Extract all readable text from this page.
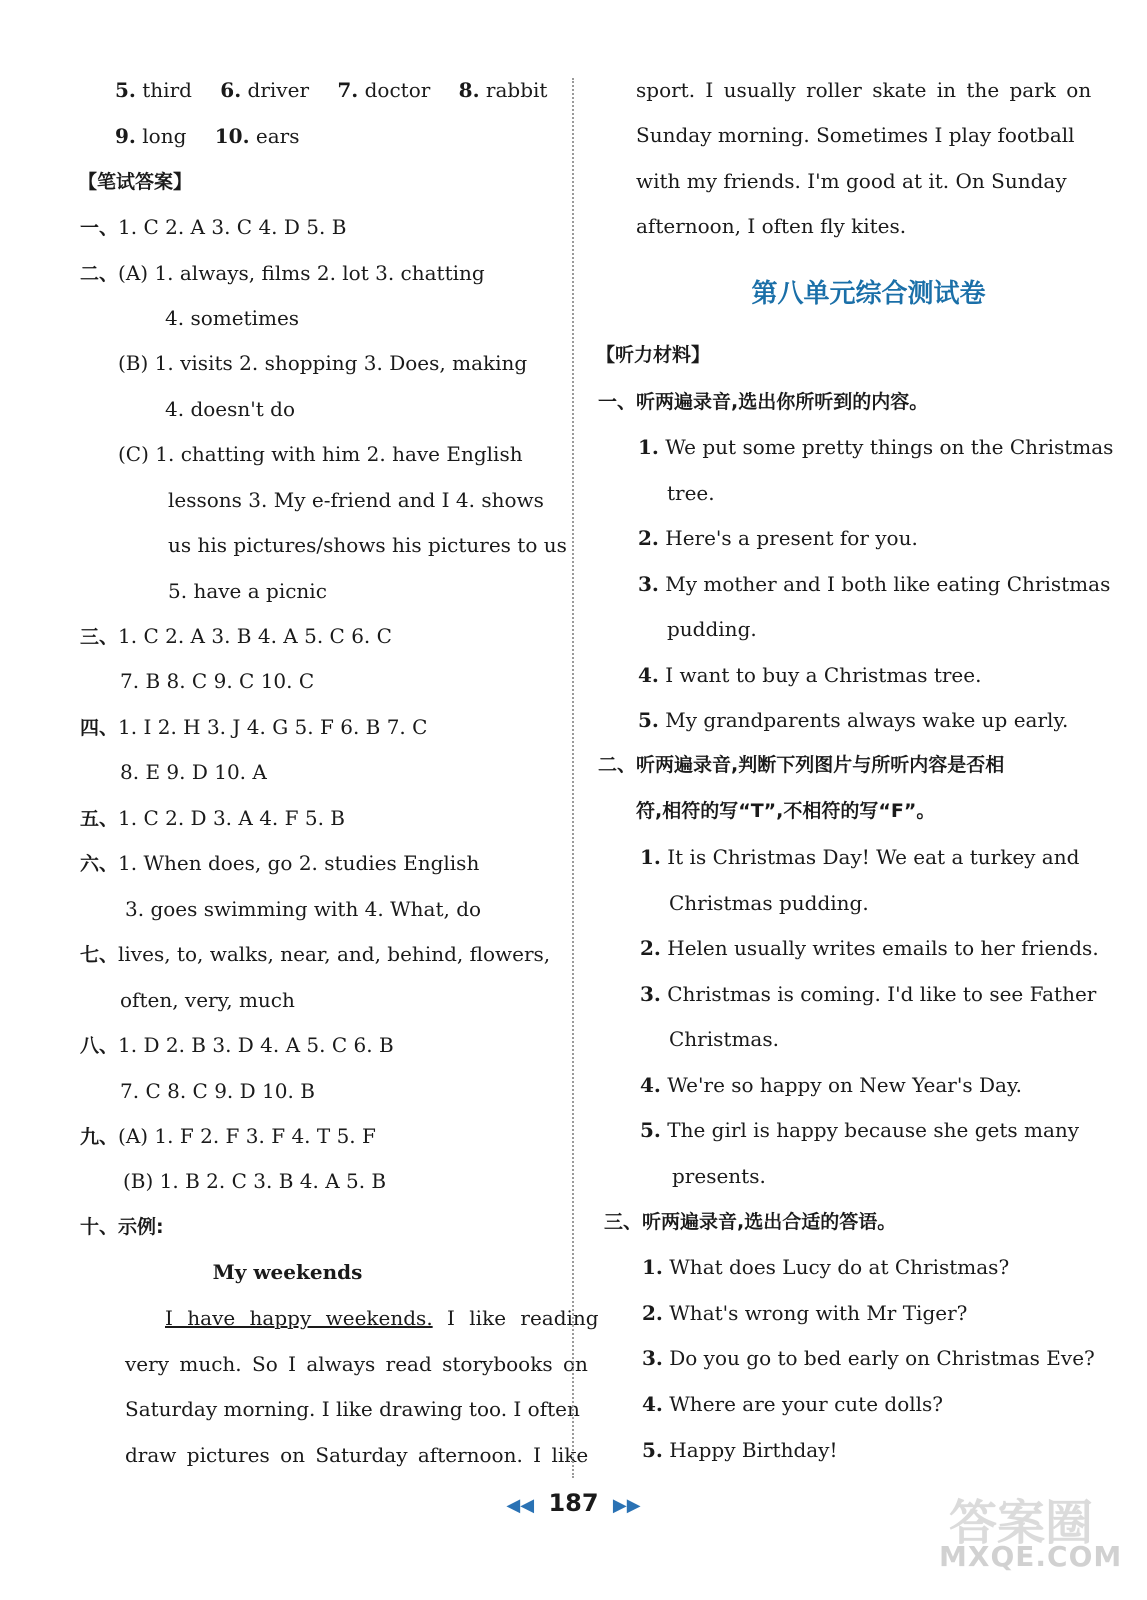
5. third 6. driver 7. doctor 8. rabbit
9. long 10. ears
【笔试答案】
一、1. C 2. A 3. C 4. D 5. B
二、(A) 1. always, films 2. lot 3. chatting
4. sometimes
(B) 1. visits 2. shopping 3. Does, making
4. doesn't do
(C) 1. chatting with him 2. have English
lessons 3. My e-friend and I 4. shows
us his pictures/shows his pictures to us
5. have a picnic
三、1. C 2. A 3. B 4. A 5. C 6. C
7. B 8. C 9. C 10. C
四、1. I 2. H 3. J 4. G 5. F 6. B 7. C
8. E 9. D 10. A
五、1. C 2. D 3. A 4. F 5. B
六、1. When does, go 2. studies English
3. goes swimming with 4. What, do
七、lives, to, walks, near, and, behind, flowers,
often, very, much
八、1. D 2. B 3. D 4. A 5. C 6. B
7. C 8. C 9. D 10. B
九、(A) 1. F 2. F 3. F 4. T 5. F
(B) 1. B 2. C 3. B 4. A 5. B
十、示例:
My weekends
I have happy weekends. I like reading
very much. So I always read storybooks on
Saturday morning. I like drawing too. I often
draw pictures on Saturday afternoon. I like
sport. I usually roller skate in the park on
Sunday morning. Sometimes I play football
with my friends. I'm good at it. On Sunday
afternoon, I often fly kites.
第八单元综合测试卷
【听力材料】
一、听两遍录音,选出你所听到的内容。
1. We put some pretty things on the Christmas
tree.
2. Here's a present for you.
3. My mother and I both like eating Christmas
pudding.
4. I want to buy a Christmas tree.
5. My grandparents always wake up early.
二、听两遍录音,判断下列图片与所听内容是否相
符,相符的写“T”,不相符的写“F”。
1. It is Christmas Day! We eat a turkey and
Christmas pudding.
2. Helen usually writes emails to her friends.
3. Christmas is coming. I'd like to see Father
Christmas.
4. We're so happy on New Year's Day.
5. The girl is happy because she gets many
presents.
三、听两遍录音,选出合适的答语。
1. What does Lucy do at Christmas?
2. What's wrong with Mr Tiger?
3. Do you go to bed early on Christmas Eve?
4. Where are your cute dolls?
5. Happy Birthday!
◀◀ 187 ▶▶	答案圈
MXQE.COM
